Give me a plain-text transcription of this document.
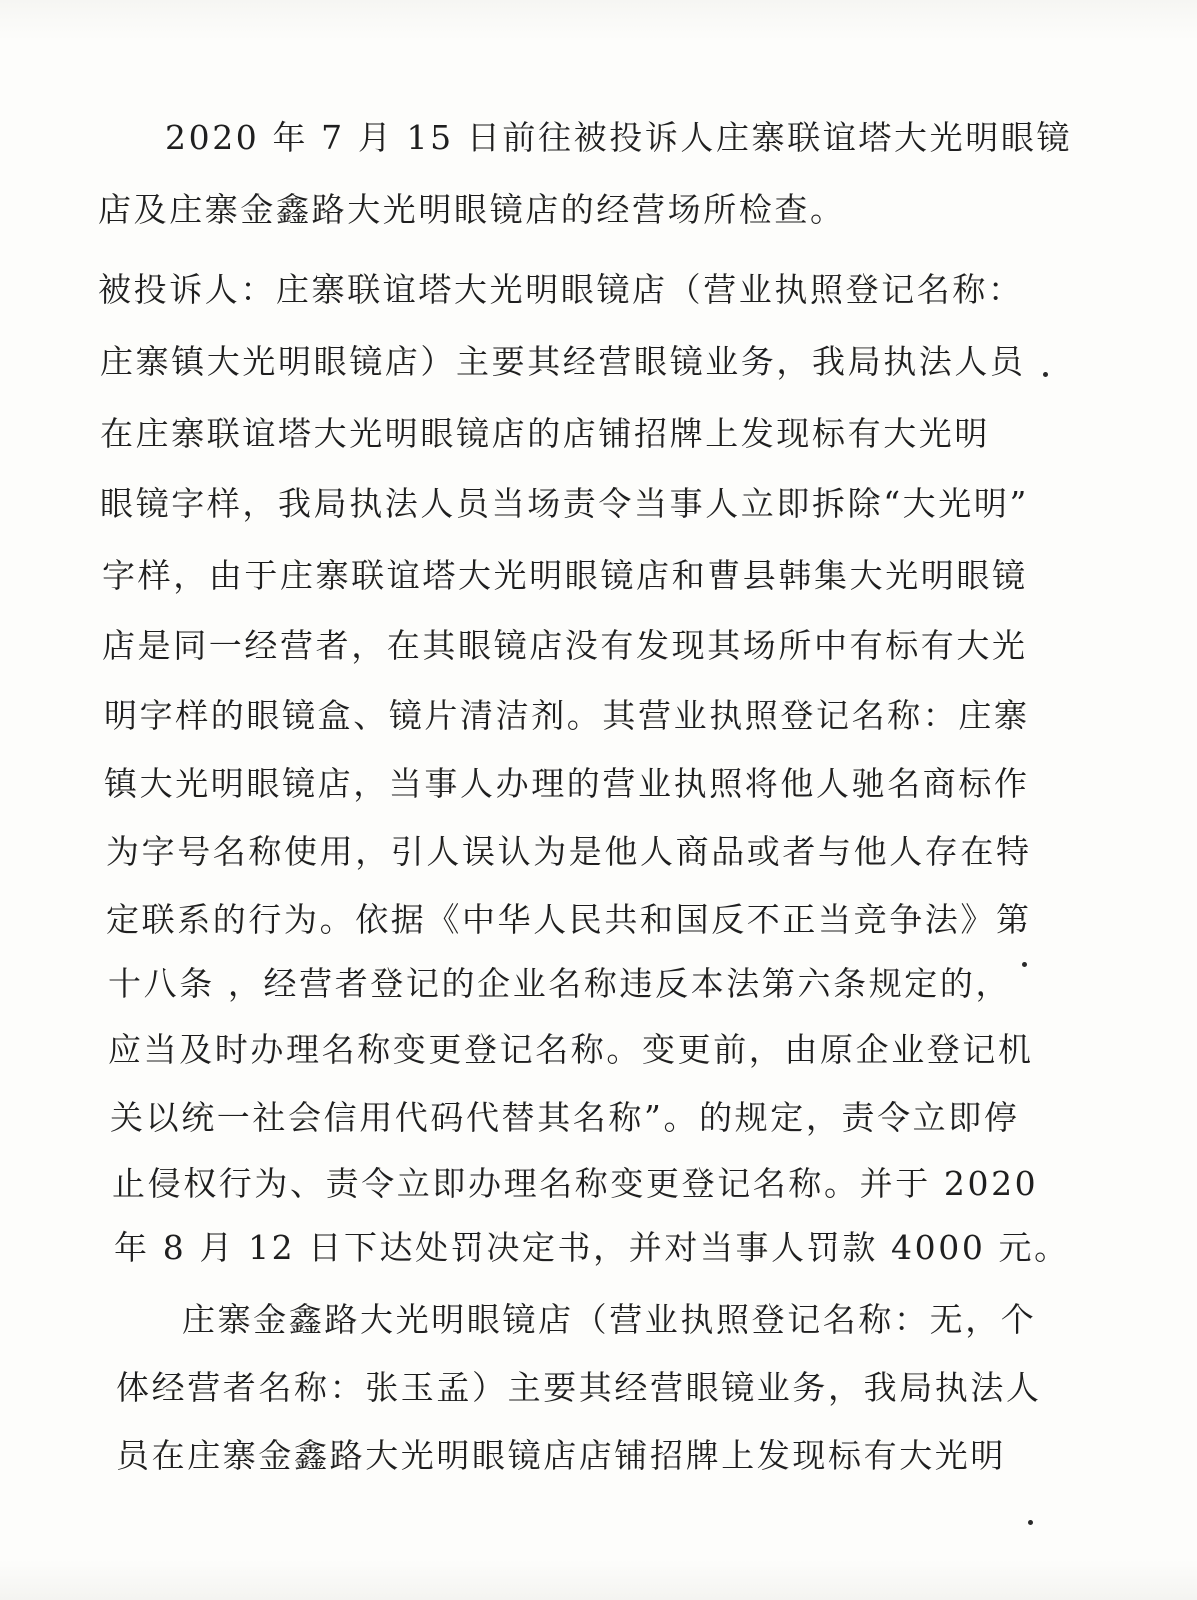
2020 年 7 月 15 日前往被投诉人庄寨联谊塔大光明眼镜
店及庄寨金鑫路大光明眼镜店的经营场所检查。
被投诉人：庄寨联谊塔大光明眼镜店（营业执照登记名称：
庄寨镇大光明眼镜店）主要其经营眼镜业务，我局执法人员
在庄寨联谊塔大光明眼镜店的店铺招牌上发现标有大光明
眼镜字样，我局执法人员当场责令当事人立即拆除“大光明”
字样，由于庄寨联谊塔大光明眼镜店和曹县韩集大光明眼镜
店是同一经营者，在其眼镜店没有发现其场所中有标有大光
明字样的眼镜盒、镜片清洁剂。其营业执照登记名称：庄寨
镇大光明眼镜店，当事人办理的营业执照将他人驰名商标作
为字号名称使用，引人误认为是他人商品或者与他人存在特
定联系的行为。依据《中华人民共和国反不正当竞争法》第
十八条 ，经营者登记的企业名称违反本法第六条规定的，
应当及时办理名称变更登记名称。变更前，由原企业登记机
关以统一社会信用代码代替其名称”。的规定，责令立即停
止侵权行为、责令立即办理名称变更登记名称。并于 2020
年 8 月 12 日下达处罚决定书，并对当事人罚款 4000 元。
庄寨金鑫路大光明眼镜店（营业执照登记名称：无，个
体经营者名称：张玉孟）主要其经营眼镜业务，我局执法人
员在庄寨金鑫路大光明眼镜店店铺招牌上发现标有大光明
